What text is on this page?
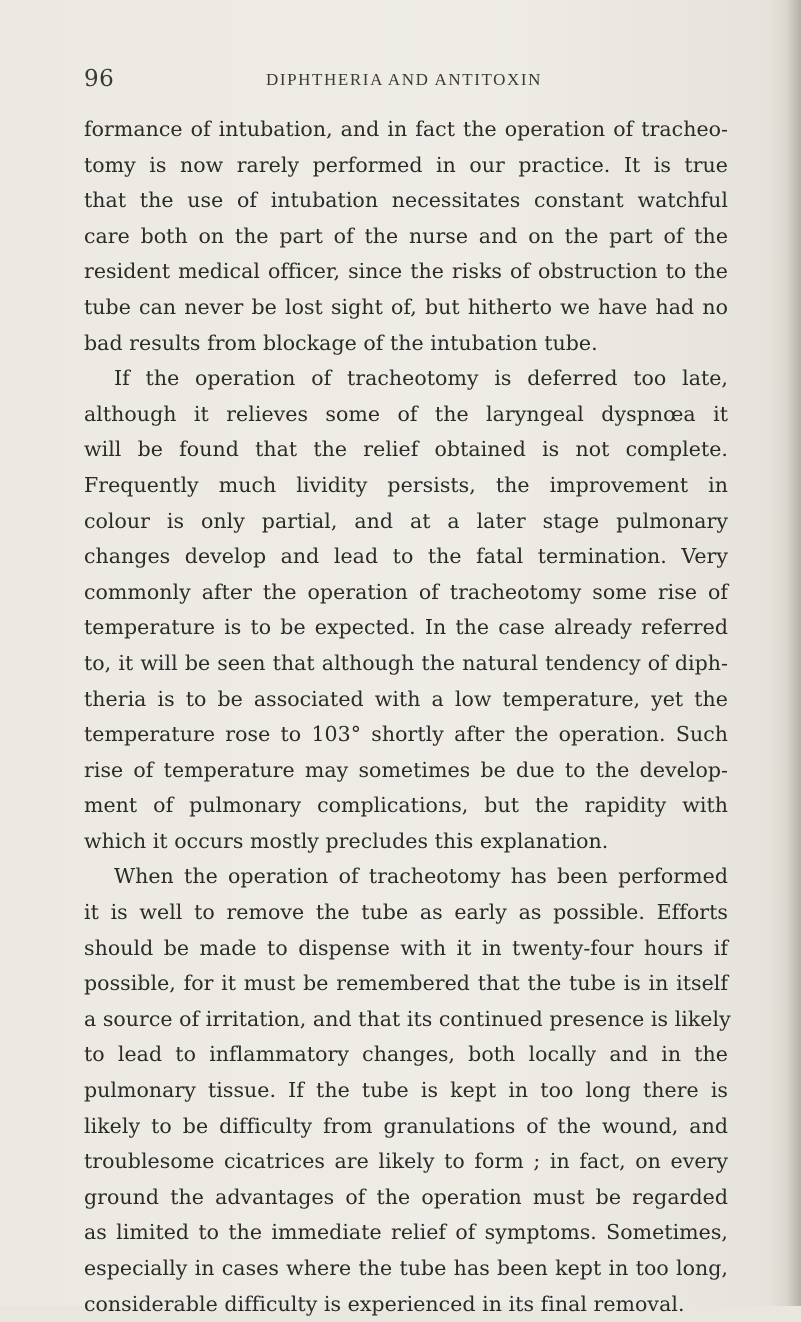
96	DIPHTHERIA AND ANTITOXIN
formance of intubation, and in fact the operation of tracheo-
tomy is now rarely performed in our practice. It is true
that the use of intubation necessitates constant watchful
care both on the part of the nurse and on the part of the
resident medical officer, since the risks of obstruction to the
tube can never be lost sight of, but hitherto we have had no
bad results from blockage of the intubation tube.
If the operation of tracheotomy is deferred too late,
although it relieves some of the laryngeal dyspnœa it
will be found that the relief obtained is not complete.
Frequently much lividity persists, the improvement in
colour is only partial, and at a later stage pulmonary
changes develop and lead to the fatal termination. Very
commonly after the operation of tracheotomy some rise of
temperature is to be expected. In the case already referred
to, it will be seen that although the natural tendency of diph-
theria is to be associated with a low temperature, yet the
temperature rose to 103° shortly after the operation. Such
rise of temperature may sometimes be due to the develop-
ment of pulmonary complications, but the rapidity with
which it occurs mostly precludes this explanation.
When the operation of tracheotomy has been performed
it is well to remove the tube as early as possible. Efforts
should be made to dispense with it in twenty-four hours if
possible, for it must be remembered that the tube is in itself
a source of irritation, and that its continued presence is likely
to lead to inflammatory changes, both locally and in the
pulmonary tissue. If the tube is kept in too long there is
likely to be difficulty from granulations of the wound, and
troublesome cicatrices are likely to form ; in fact, on every
ground the advantages of the operation must be regarded
as limited to the immediate relief of symptoms. Sometimes,
especially in cases where the tube has been kept in too long,
considerable difficulty is experienced in its final removal.
